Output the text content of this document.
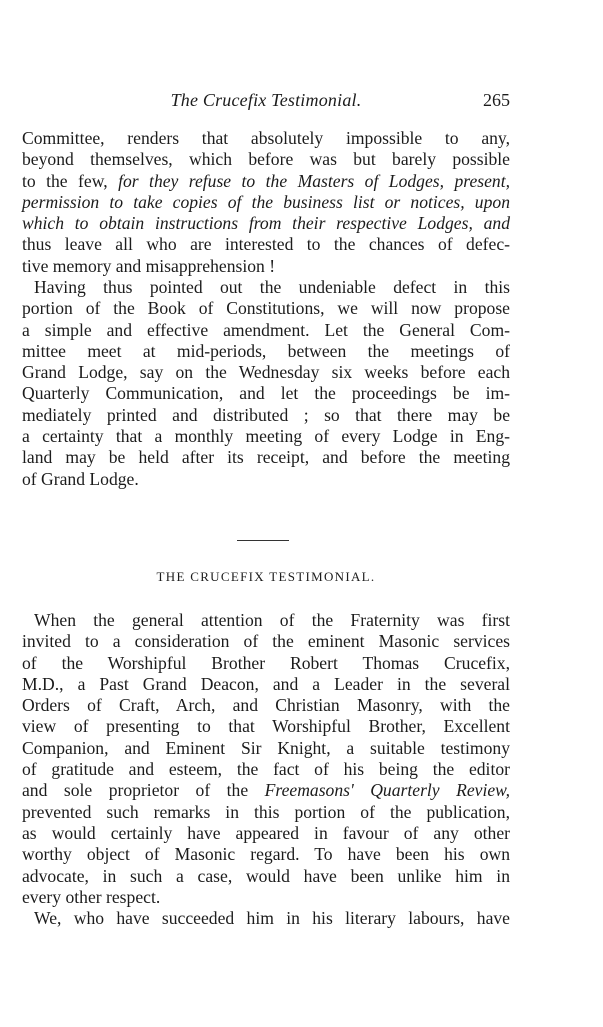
The Crucefix Testimonial.	265
Committee, renders that absolutely impossible to any,
beyond themselves, which before was but barely possible
to the few, for they refuse to the Masters of Lodges, present,
permission to take copies of the business list or notices, upon
which to obtain instructions from their respective Lodges, and
thus leave all who are interested to the chances of defec-
tive memory and misapprehension !
Having thus pointed out the undeniable defect in this
portion of the Book of Constitutions, we will now propose
a simple and effective amendment. Let the General Com-
mittee meet at mid-periods, between the meetings of
Grand Lodge, say on the Wednesday six weeks before each
Quarterly Communication, and let the proceedings be im-
mediately printed and distributed ; so that there may be
a certainty that a monthly meeting of every Lodge in Eng-
land may be held after its receipt, and before the meeting
of Grand Lodge.
THE CRUCEFIX TESTIMONIAL.
When the general attention of the Fraternity was first
invited to a consideration of the eminent Masonic services
of the Worshipful Brother Robert Thomas Crucefix,
M.D., a Past Grand Deacon, and a Leader in the several
Orders of Craft, Arch, and Christian Masonry, with the
view of presenting to that Worshipful Brother, Excellent
Companion, and Eminent Sir Knight, a suitable testimony
of gratitude and esteem, the fact of his being the editor
and sole proprietor of the Freemasons' Quarterly Review,
prevented such remarks in this portion of the publication,
as would certainly have appeared in favour of any other
worthy object of Masonic regard. To have been his own
advocate, in such a case, would have been unlike him in
every other respect.
We, who have succeeded him in his literary labours, have
